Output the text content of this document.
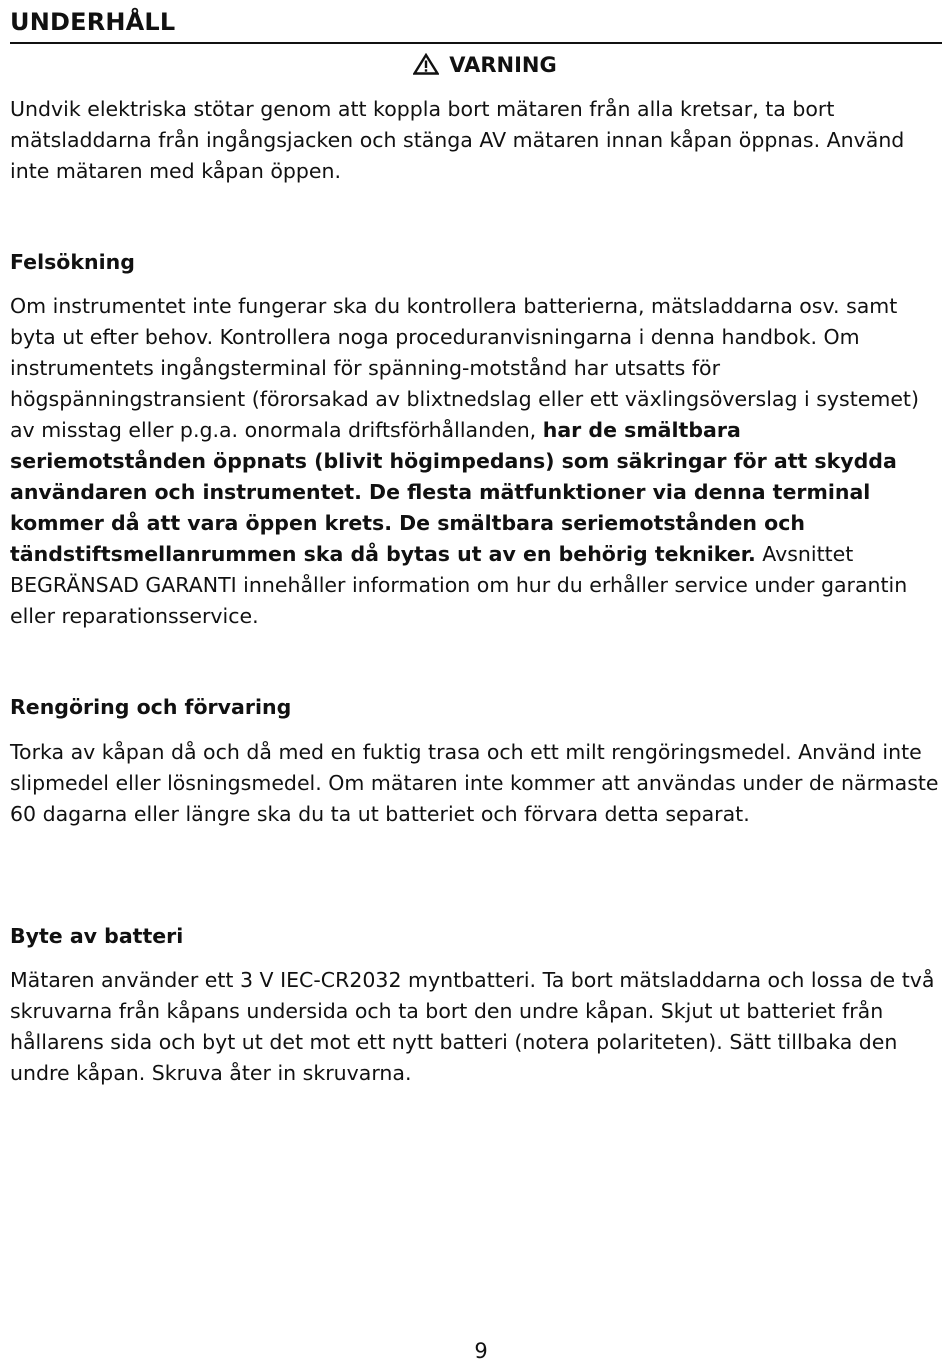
UNDERHÅLL
VARNING

Undvik elektriska stötar genom att koppla bort mätaren från alla kretsar, ta bort mätsladdarna från ingångsjacken och stänga AV mätaren innan kåpan öppnas. Använd inte mätaren med kåpan öppen.

Felsökning

Om instrumentet inte fungerar ska du kontrollera batterierna, mätsladdarna osv. samt byta ut efter behov. Kontrollera noga proceduranvisningarna i denna handbok. Om instrumentets ingångsterminal för spänning-motstånd har utsatts för högspänningstransient (förorsakad av blixtnedslag eller ett växlingsöverslag i systemet) av misstag eller p.g.a. onormala driftsförhållanden, har de smältbara seriemotstånden öppnats (blivit högimpedans) som säkringar för att skydda användaren och instrumentet. De flesta mätfunktioner via denna terminal kommer då att vara öppen krets. De smältbara seriemotstånden och tändstiftsmellanrummen ska då bytas ut av en behörig tekniker. Avsnittet BEGRÄNSAD GARANTI innehåller information om hur du erhåller service under garantin eller reparationsservice.

Rengöring och förvaring

Torka av kåpan då och då med en fuktig trasa och ett milt rengöringsmedel. Använd inte slipmedel eller lösningsmedel. Om mätaren inte kommer att användas under de närmaste 60 dagarna eller längre ska du ta ut batteriet och förvara detta separat.

Byte av batteri

Mätaren använder ett 3 V IEC-CR2032 myntbatteri. Ta bort mätsladdarna och lossa de två skruvarna från kåpans undersida och ta bort den undre kåpan. Skjut ut batteriet från hållarens sida och byt ut det mot ett nytt batteri (notera polariteten). Sätt tillbaka den undre kåpan. Skruva åter in skruvarna.

9
